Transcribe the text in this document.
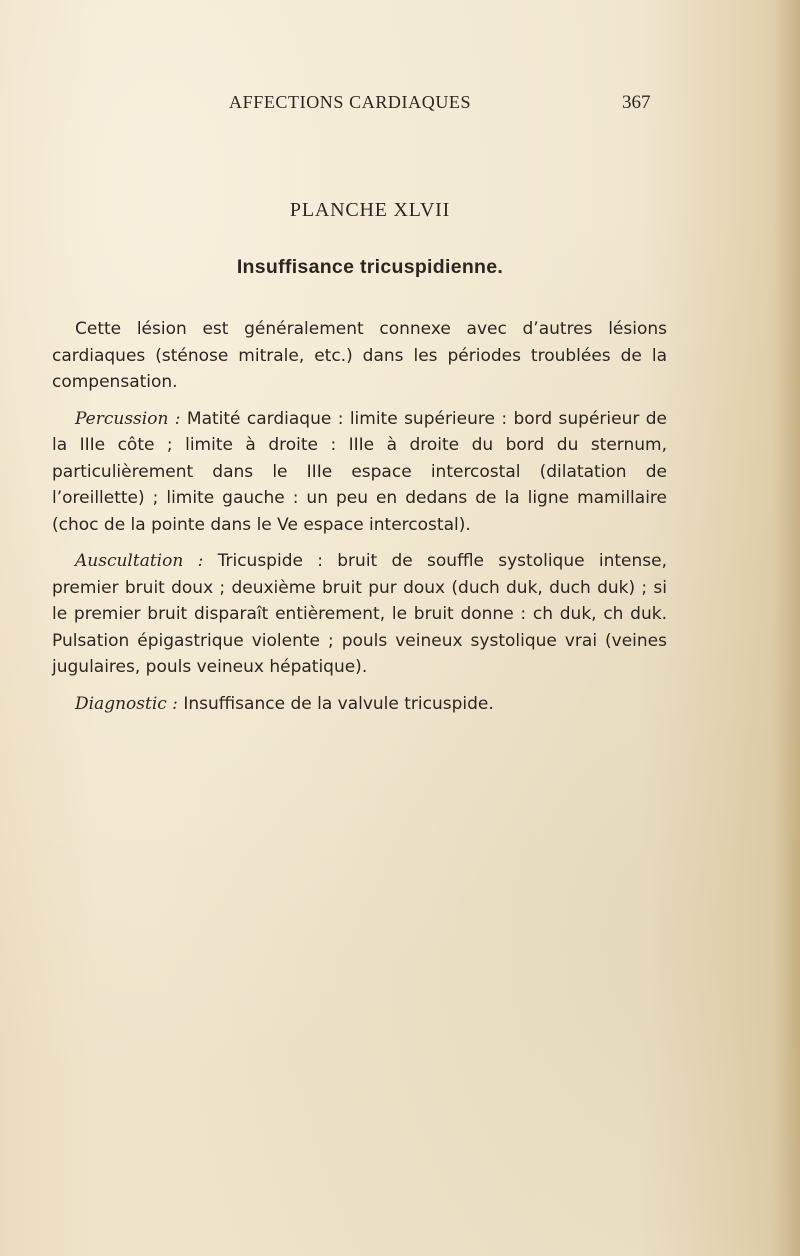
AFFECTIONS CARDIAQUES	367
PLANCHE XLVII
Insuffisance tricuspidienne.

Cette lésion est généralement connexe avec d’autres lésions cardiaques (sténose mitrale, etc.) dans les périodes troublées de la compensation.

Percussion : Matité cardiaque : limite supérieure : bord supérieur de la IIIe côte ; limite à droite : IIIe à droite du bord du sternum, particulièrement dans le IIIe espace intercostal (dilatation de l’oreillette) ; limite gauche : un peu en dedans de la ligne mamillaire (choc de la pointe dans le Ve espace intercostal).

Auscultation : Tricuspide : bruit de souffle systolique intense, premier bruit doux ; deuxième bruit pur doux (duch duk, duch duk) ; si le premier bruit disparaît entièrement, le bruit donne : ch duk, ch duk. Pulsation épigastrique violente ; pouls veineux systolique vrai (veines jugulaires, pouls veineux hépatique).

Diagnostic : Insuffisance de la valvule tricuspide.
